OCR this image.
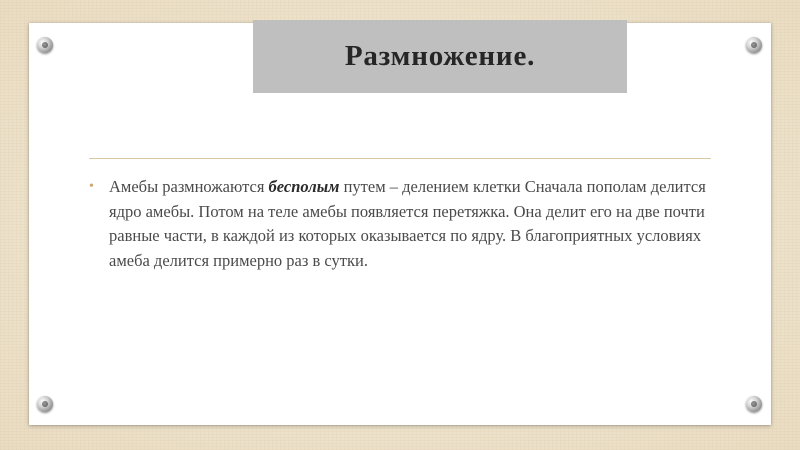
Размножение.
• Амебы размножаются бесполым путем – делением клетки Сначала пополам делится ядро амебы. Потом на теле амебы появляется перетяжка. Она делит его на две почти равные части, в каждой из которых оказывается по ядру. В благоприятных условиях амеба делится примерно раз в сутки.
